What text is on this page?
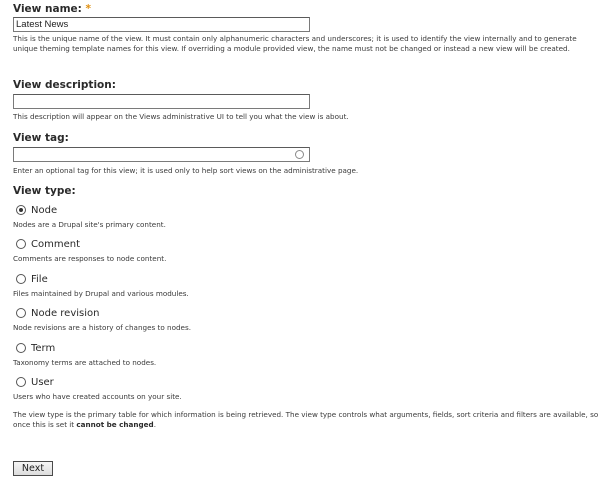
View name: *
Latest News
This is the unique name of the view. It must contain only alphanumeric characters and underscores; it is used to identify the view internally and to generate unique theming template names for this view. If overriding a module provided view, the name must not be changed or instead a new view will be created.
View description:
This description will appear on the Views administrative UI to tell you what the view is about.
View tag:
Enter an optional tag for this view; it is used only to help sort views on the administrative page.
View type:
Node
Nodes are a Drupal site's primary content.
Comment
Comments are responses to node content.
File
Files maintained by Drupal and various modules.
Node revision
Node revisions are a history of changes to nodes.
Term
Taxonomy terms are attached to nodes.
User
Users who have created accounts on your site.
The view type is the primary table for which information is being retrieved. The view type controls what arguments, fields, sort criteria and filters are available, so once this is set it cannot be changed.
Next
